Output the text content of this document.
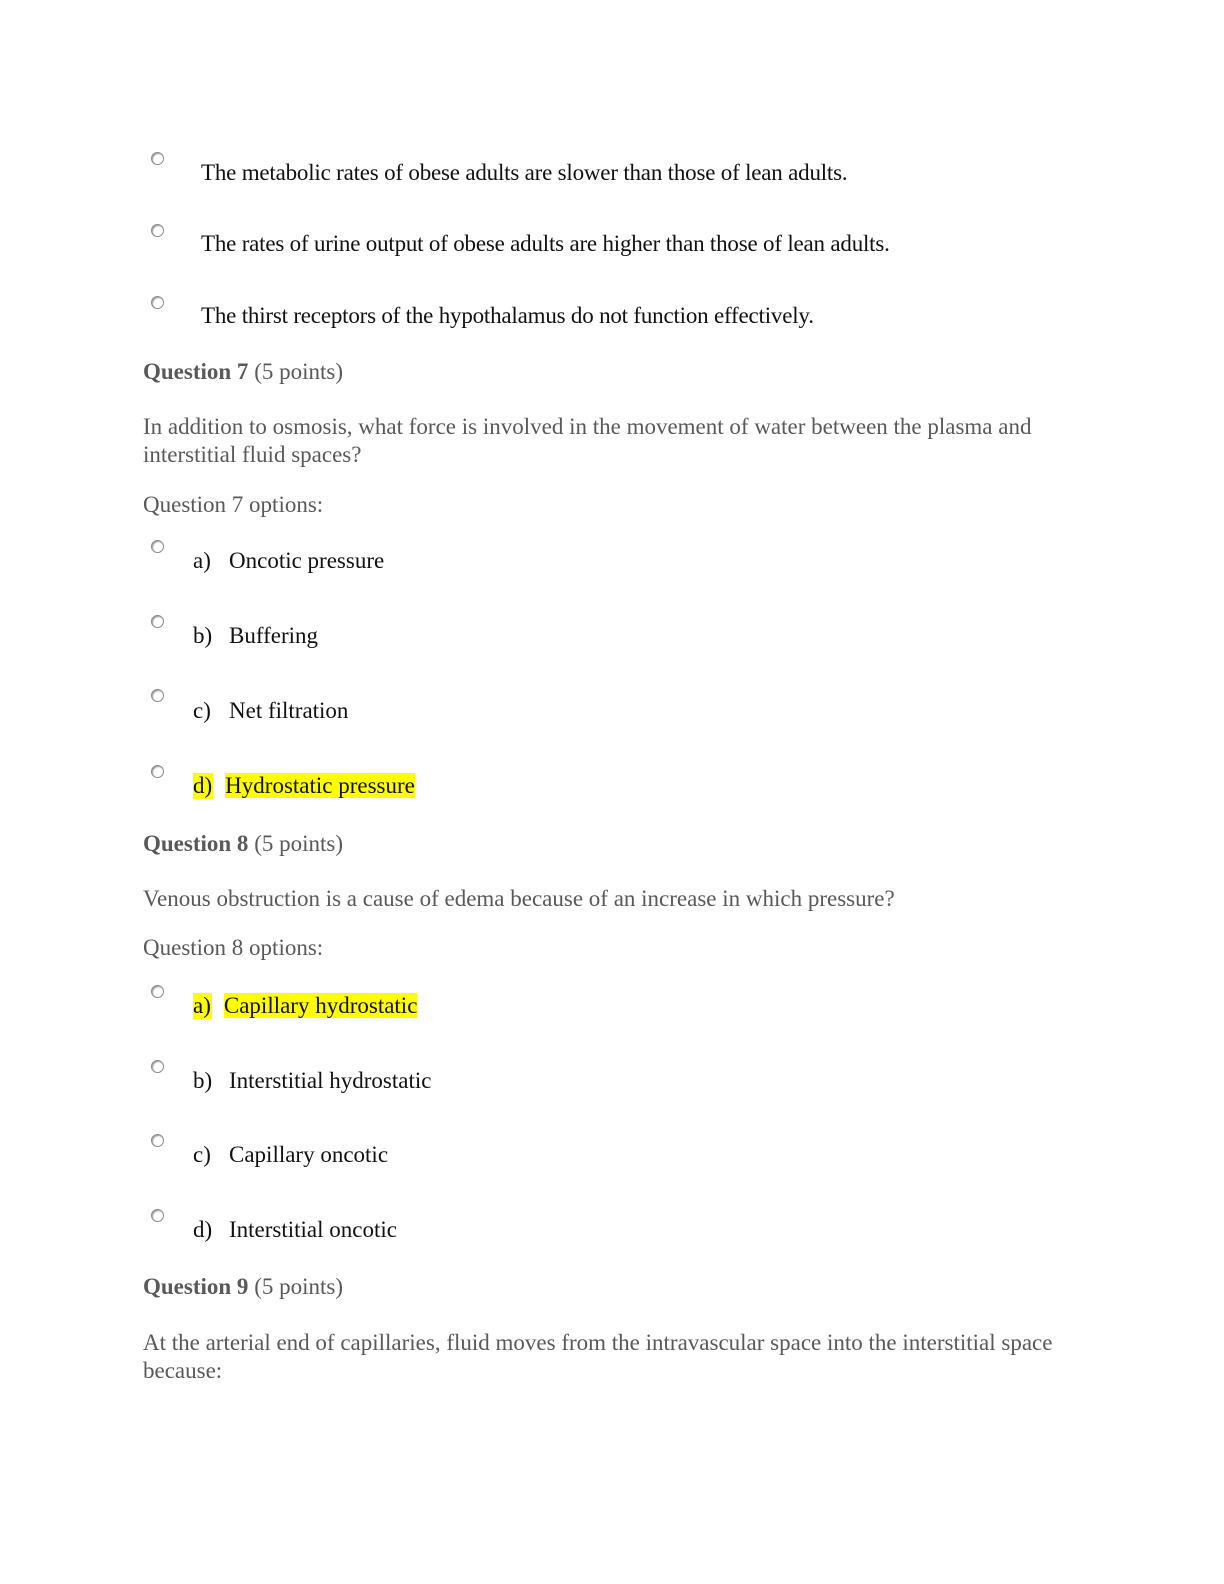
The metabolic rates of obese adults are slower than those of lean adults.
The rates of urine output of obese adults are higher than those of lean adults.
The thirst receptors of the hypothalamus do not function effectively.
Question 7 (5 points)
In addition to osmosis, what force is involved in the movement of water between the plasma and interstitial fluid spaces?
Question 7 options:
a) Oncotic pressure
b) Buffering
c) Net filtration
d) Hydrostatic pressure
Question 8 (5 points)
Venous obstruction is a cause of edema because of an increase in which pressure?
Question 8 options:
a) Capillary hydrostatic
b) Interstitial hydrostatic
c) Capillary oncotic
d) Interstitial oncotic
Question 9 (5 points)
At the arterial end of capillaries, fluid moves from the intravascular space into the interstitial space because:
